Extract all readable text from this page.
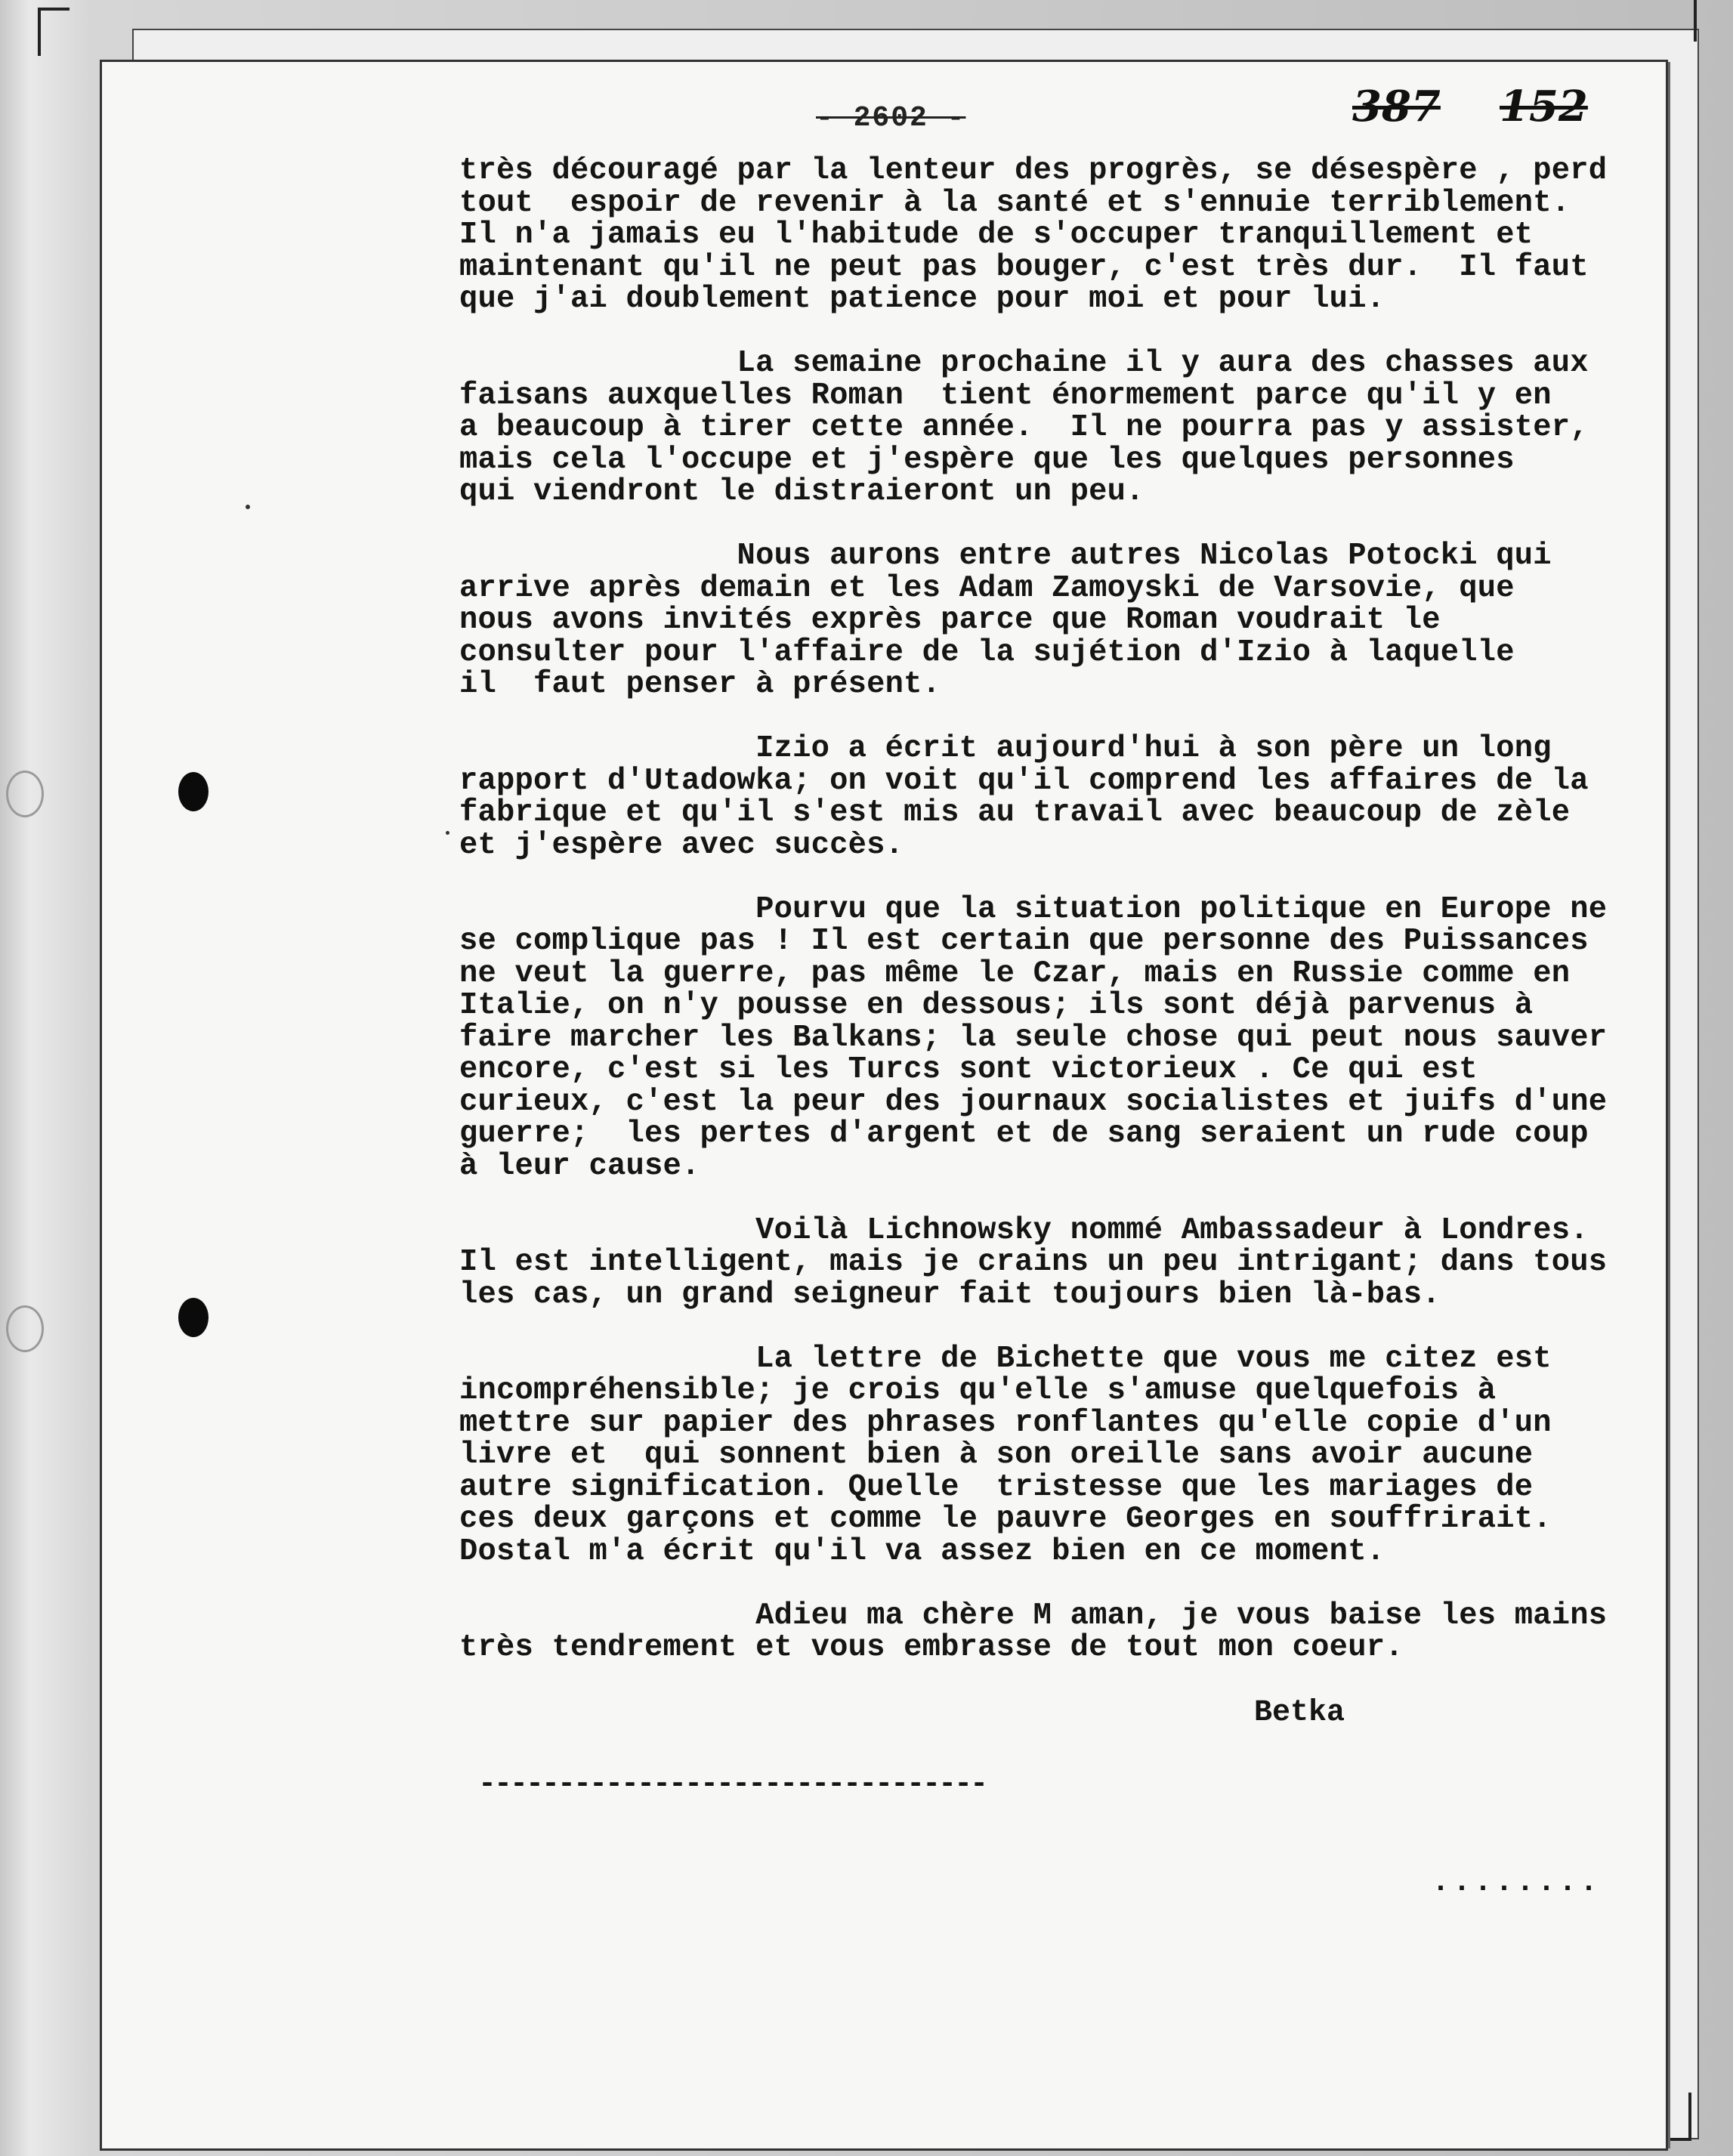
- 2602 -	387 152
très découragé par la lenteur des progrès, se désespère , perd
tout  espoir de revenir à la santé et s'ennuie terriblement.
Il n'a jamais eu l'habitude de s'occuper tranquillement et
maintenant qu'il ne peut pas bouger, c'est très dur.  Il faut
que j'ai doublement patience pour moi et pour lui.
La semaine prochaine il y aura des chasses aux
faisans auxquelles Roman  tient énormement parce qu'il y en
a beaucoup à tirer cette année.  Il ne pourra pas y assister,
mais cela l'occupe et j'espère que les quelques personnes
qui viendront le distraieront un peu.
Nous aurons entre autres Nicolas Potocki qui
arrive après demain et les Adam Zamoyski de Varsovie, que
nous avons invités exprès parce que Roman voudrait le
consulter pour l'affaire de la sujétion d'Izio à laquelle
il  faut penser à présent.
Izio a écrit aujourd'hui à son père un long
rapport d'Utadowka; on voit qu'il comprend les affaires de la
fabrique et qu'il s'est mis au travail avec beaucoup de zèle
et j'espère avec succès.
Pourvu que la situation politique en Europe ne
se complique pas ! Il est certain que personne des Puissances
ne veut la guerre, pas même le Czar, mais en Russie comme en
Italie, on n'y pousse en dessous; ils sont déjà parvenus à
faire marcher les Balkans; la seule chose qui peut nous sauver
encore, c'est si les Turcs sont victorieux . Ce qui est
curieux, c'est la peur des journaux socialistes et juifs d'une
guerre;  les pertes d'argent et de sang seraient un rude coup
à leur cause.
Voilà Lichnowsky nommé Ambassadeur à Londres.
Il est intelligent, mais je crains un peu intrigant; dans tous
les cas, un grand seigneur fait toujours bien là-bas.
La lettre de Bichette que vous me citez est
incompréhensible; je crois qu'elle s'amuse quelquefois à
mettre sur papier des phrases ronflantes qu'elle copie d'un
livre et  qui sonnent bien à son oreille sans avoir aucune
autre signification. Quelle  tristesse que les mariages de
ces deux garçons et comme le pauvre Georges en souffrirait.
Dostal m'a écrit qu'il va assez bien en ce moment.
Adieu ma chère M aman, je vous baise les mains
très tendrement et vous embrasse de tout mon coeur.
Betka
--------------------------------
........
